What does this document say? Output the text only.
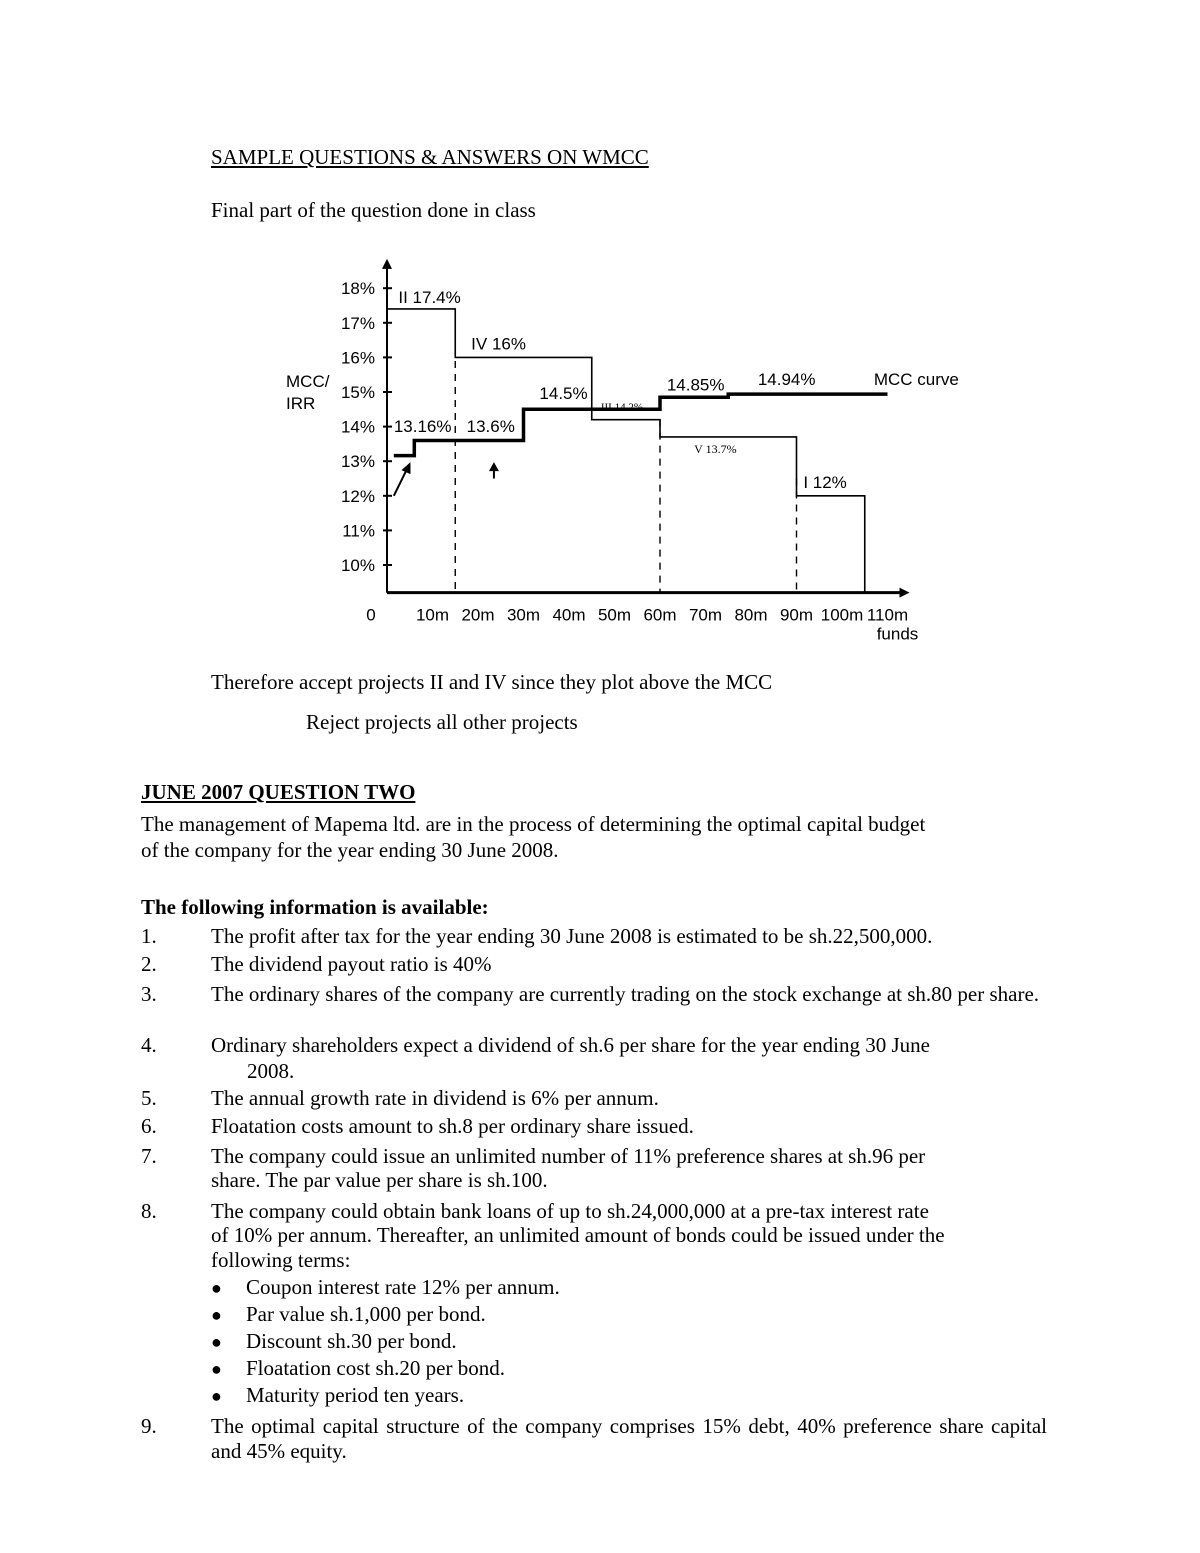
SAMPLE QUESTIONS & ANSWERS ON WMCC
Final part of the question done in class
10%
11%
12%
13%
14%
15%
16%
17%
18%
0 10m 20m 30m 40m 50m 60m 70m 80m 90m 100m 110m
funds
MCC/
IRR
II 17.4%
IV 16%
III 14.2%
V 13.7%
I 12%
13.16% 13.6%
14.5%	14.85% 14.94%	MCC curve
Therefore accept projects II and IV since they plot above the MCC
Reject projects all other projects
JUNE 2007 QUESTION TWO
The management of Mapema ltd. are in the process of determining the optimal capital budget
of the company for the year ending 30 June 2008.
The following information is available:
1.	The profit after tax for the year ending 30 June 2008 is estimated to be sh.22,500,000.
2.	The dividend payout ratio is 40%
3.	The ordinary shares of the company are currently trading on the stock exchange at sh.80 per share.
4.	Ordinary shareholders expect a dividend of sh.6 per share for the year ending 30 June
2008.
5.	The annual growth rate in dividend is 6% per annum.
6.	Floatation costs amount to sh.8 per ordinary share issued.
7.	The company could issue an unlimited number of 11% preference shares at sh.96 per
share. The par value per share is sh.100.
8.	The company could obtain bank loans of up to sh.24,000,000 at a pre-tax interest rate
of 10% per annum. Thereafter, an unlimited amount of bonds could be issued under the
following terms:
● Coupon interest rate 12% per annum.
● Par value sh.1,000 per bond.
● Discount sh.30 per bond.
● Floatation cost sh.20 per bond.
● Maturity period ten years.
9.	The optimal capital structure of the company comprises 15% debt, 40% preference share capital and 45% equity.
